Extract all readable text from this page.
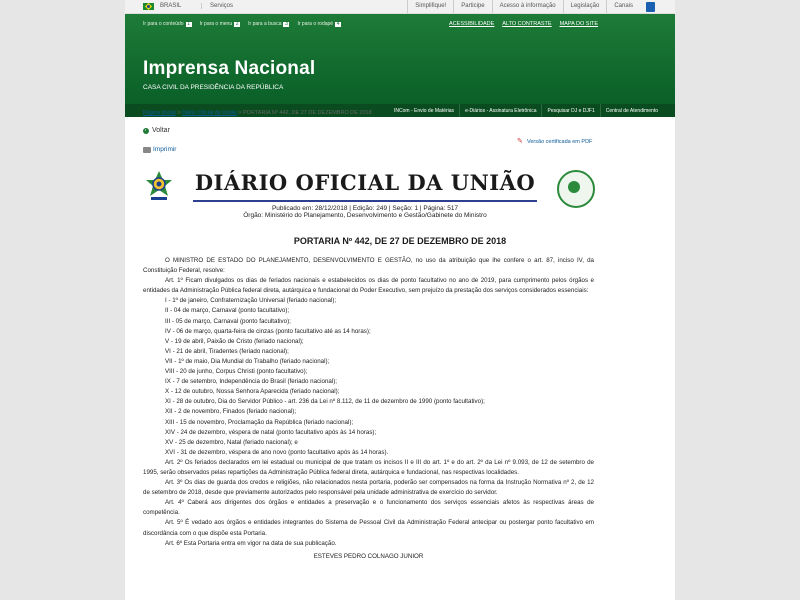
BRASIL	Serviços	Simplifique!	Participe	Acesso à informação	Legislação	Canais
Ir para o conteúdo 1	Ir para o menu 2	Ir para a busca 3	Ir para o rodapé 4	ACESSIBILIDADE ALTO CONTRASTE MAPA DO SITE
Imprensa Nacional
CASA CIVIL DA PRESIDÊNCIA DA REPÚBLICA
INCom - Envio de Matérias	e-Diários - Assinatura Eletrônica	Pesquisar DJ e DJF1	Central de Atendimento
Página Inicial > Diário Oficial da União > PORTARIA Nº 442, DE 27 DE DEZEMBRO DE 2018
Voltar
✎ Versão certificada em PDF
Imprimir
DIÁRIO OFICIAL DA UNIÃO
Publicado em: 28/12/2018 | Edição: 249 | Seção: 1 | Página: 517
Órgão: Ministério do Planejamento, Desenvolvimento e Gestão/Gabinete do Ministro
PORTARIA Nº 442, DE 27 DE DEZEMBRO DE 2018

O MINISTRO DE ESTADO DO PLANEJAMENTO, DESENVOLVIMENTO E GESTÃO, no uso da atribuição que lhe confere o art. 87, inciso IV, da Constituição Federal, resolve:

Art. 1º Ficam divulgados os dias de feriados nacionais e estabelecidos os dias de ponto facultativo no ano de 2019, para cumprimento pelos órgãos e entidades da Administração Pública federal direta, autárquica e fundacional do Poder Executivo, sem prejuízo da prestação dos serviços considerados essenciais:

I - 1º de janeiro, Confraternização Universal (feriado nacional);

II - 04 de março, Carnaval (ponto facultativo);

III - 05 de março, Carnaval (ponto facultativo);

IV - 06 de março, quarta-feira de cinzas (ponto facultativo até as 14 horas);

V - 19 de abril, Paixão de Cristo (feriado nacional);

VI - 21 de abril, Tiradentes (feriado nacional);

VII - 1º de maio, Dia Mundial do Trabalho (feriado nacional);

VIII - 20 de junho, Corpus Christi (ponto facultativo);

IX - 7 de setembro, Independência do Brasil (feriado nacional);

X - 12 de outubro, Nossa Senhora Aparecida (feriado nacional);

XI - 28 de outubro, Dia do Servidor Público - art. 236 da Lei nº 8.112, de 11 de dezembro de 1990 (ponto facultativo);

XII - 2 de novembro, Finados (feriado nacional);

XIII - 15 de novembro, Proclamação da República (feriado nacional);

XIV - 24 de dezembro, véspera de natal (ponto facultativo após às 14 horas);

XV - 25 de dezembro, Natal (feriado nacional); e

XVI - 31 de dezembro, véspera de ano novo (ponto facultativo após às 14 horas).

Art. 2º Os feriados declarados em lei estadual ou municipal de que tratam os incisos II e III do art. 1º e do art. 2º da Lei nº 9.093, de 12 de setembro de 1995, serão observados pelas repartições da Administração Pública federal direta, autárquica e fundacional, nas respectivas localidades.

Art. 3º Os dias de guarda dos credos e religiões, não relacionados nesta portaria, poderão ser compensados na forma da Instrução Normativa nº 2, de 12 de setembro de 2018, desde que previamente autorizados pelo responsável pela unidade administrativa de exercício do servidor.

Art. 4º Caberá aos dirigentes dos órgãos e entidades a preservação e o funcionamento dos serviços essenciais afetos às respectivas áreas de competência.

Art. 5º É vedado aos órgãos e entidades integrantes do Sistema de Pessoal Civil da Administração Federal antecipar ou postergar ponto facultativo em discordância com o que dispõe esta Portaria.

Art. 6º Esta Portaria entra em vigor na data de sua publicação.

ESTEVES PEDRO COLNAGO JUNIOR
